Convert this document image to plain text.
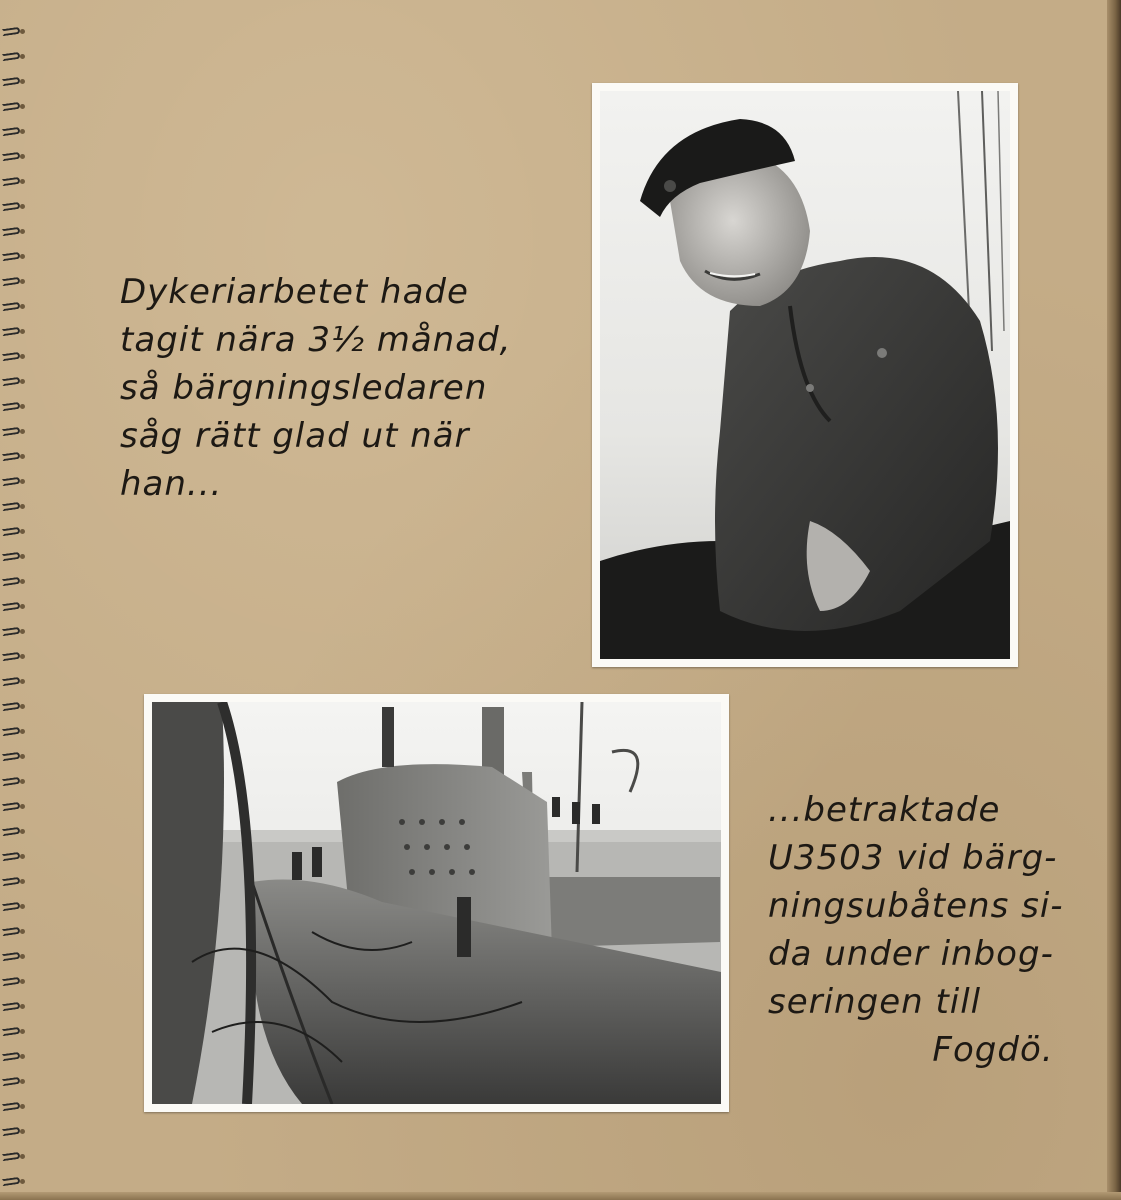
Dykeriarbetet hade
tagit nära 3½ månad,
så bärgningsledaren
såg rätt glad ut när
han...
...betraktade
U3503 vid bärg-
ningsubåtens si-
da under inbog-
seringen till
Fogdö.
